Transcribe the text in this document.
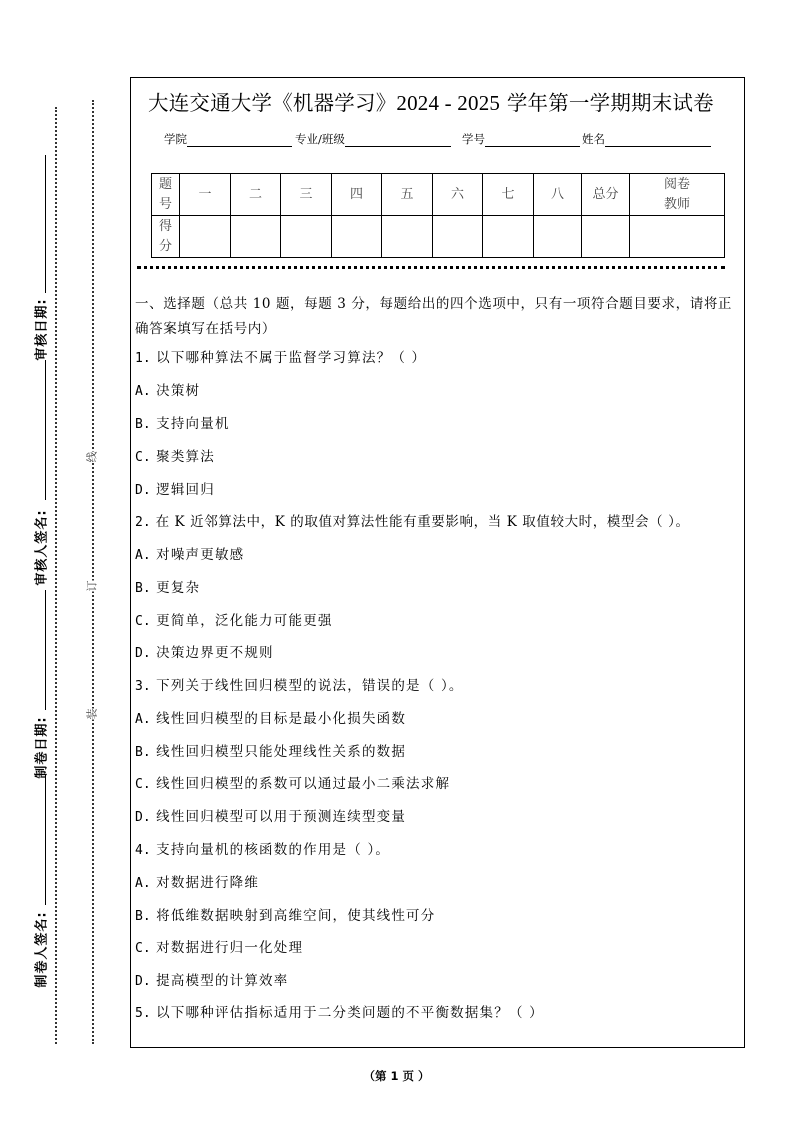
审核日期:
审核人签名:
制卷日期:
制卷人签名:
线
订
装
大连交通大学《机器学习》2024 - 2025 学年第一学期期末试卷
学院	专业/班级	学号	姓名
题
号	一	二	三	四	五	六	七	八	总分	阅卷
教师
得
分										
一、选择题（总共 10 题，每题 3 分，每题给出的四个选项中，只有一项符合题目要求，请将正确答案填写在括号内）
1. 以下哪种算法不属于监督学习算法？（ ）
A. 决策树
B. 支持向量机
C. 聚类算法
D. 逻辑回归
2. 在 K 近邻算法中，K 的取值对算法性能有重要影响，当 K 取值较大时，模型会（ ）。
A. 对噪声更敏感
B. 更复杂
C. 更简单，泛化能力可能更强
D. 决策边界更不规则
3. 下列关于线性回归模型的说法，错误的是（ ）。
A. 线性回归模型的目标是最小化损失函数
B. 线性回归模型只能处理线性关系的数据
C. 线性回归模型的系数可以通过最小二乘法求解
D. 线性回归模型可以用于预测连续型变量
4. 支持向量机的核函数的作用是（ ）。
A. 对数据进行降维
B. 将低维数据映射到高维空间，使其线性可分
C. 对数据进行归一化处理
D. 提高模型的计算效率
5. 以下哪种评估指标适用于二分类问题的不平衡数据集？（ ）
（第 1 页 ）
